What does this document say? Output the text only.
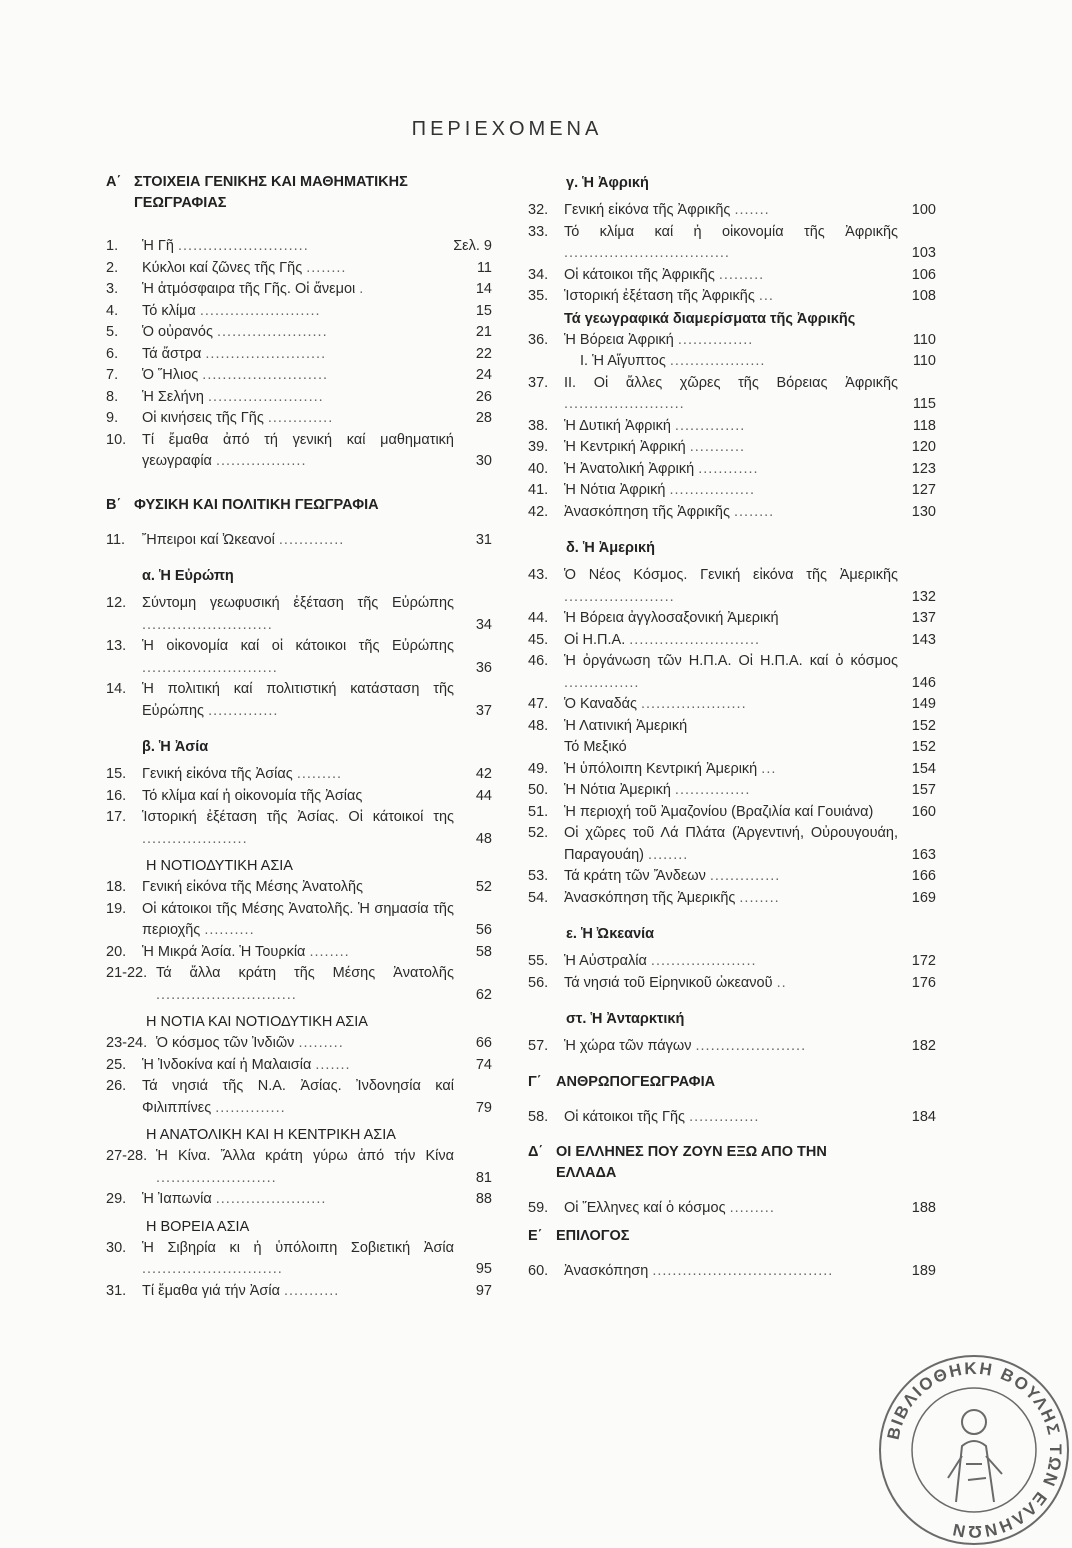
ΠΕΡΙΕΧΟΜΕΝΑ
Α΄ ΣΤΟΙΧΕΙΑ ΓΕΝΙΚΗΣ ΚΑΙ ΜΑΘΗΜΑΤΙΚΗΣ ΓΕΩΓΡΑΦΙΑΣ
1. Ἡ Γῆ ..........................	Σελ. 9
2. Κύκλοι καί ζῶνες τῆς Γῆς ........	11
3. Ἡ ἀτμόσφαιρα τῆς Γῆς. Οἱ ἄνεμοι .	14
4. Τό κλίμα ........................	15
5. Ὁ οὐρανός ......................	21
6. Τά ἄστρα ........................	22
7. Ὁ Ἥλιος .........................	24
8. Ἡ Σελήνη .......................	26
9. Οἱ κινήσεις τῆς Γῆς .............	28
10. Τί ἔμαθα ἀπό τή γενική καί μαθηματική γεωγραφία ..................	30
Β΄ ΦΥΣΙΚΗ ΚΑΙ ΠΟΛΙΤΙΚΗ ΓΕΩΓΡΑΦΙΑ
11. Ἤπειροι καί Ὠκεανοί .............	31
α. Ἡ Εὐρώπη
12. Σύντομη γεωφυσική ἐξέταση τῆς Εὐρώπης ..........................	34
13. Ἡ οἰκονομία καί οἱ κάτοικοι τῆς Εὐρώπης ...........................	36
14. Ἡ πολιτική καί πολιτιστική κατάσταση τῆς Εὐρώπης ..............	37
β. Ἡ Ἀσία
15. Γενική εἰκόνα τῆς Ἀσίας .........	42
16. Τό κλίμα καί ἡ οἰκονομία τῆς Ἀσίας	44
17. Ἱστορική ἐξέταση τῆς Ἀσίας. Οἱ κάτοικοί της .....................	48
Η ΝΟΤΙΟΔΥΤΙΚΗ ΑΣΙΑ
18. Γενική εἰκόνα τῆς Μέσης Ἀνατολῆς	52
19. Οἱ κάτοικοι τῆς Μέσης Ἀνατολῆς. Ἡ σημασία τῆς περιοχῆς ..........	56
20. Ἡ Μικρά Ἀσία. Ἡ Τουρκία ........	58
21-22. Τά ἄλλα κράτη τῆς Μέσης Ἀνατολῆς ............................	62
Η ΝΟΤΙΑ ΚΑΙ ΝΟΤΙΟΔΥΤΙΚΗ ΑΣΙΑ
23-24. Ὁ κόσμος τῶν Ἰνδιῶν .........	66
25. Ἡ Ἰνδοκίνα καί ἡ Μαλαισία .......	74
26. Τά νησιά τῆς Ν.Α. Ἀσίας. Ἰνδονησία καί Φιλιππίνες ..............	79
Η ΑΝΑΤΟΛΙΚΗ ΚΑΙ Η ΚΕΝΤΡΙΚΗ ΑΣΙΑ
27-28. Ἡ Κίνα. Ἄλλα κράτη γύρω ἀπό τήν Κίνα ........................	81
29. Ἡ Ἰαπωνία ......................	88
Η ΒΟΡΕΙΑ ΑΣΙΑ
30. Ἡ Σιβηρία κι ἡ ὑπόλοιπη Σοβιετική Ἀσία ............................	95
31. Τί ἔμαθα γιά τήν Ἀσία ...........	97
γ. Ἡ Ἀφρική
32. Γενική εἰκόνα τῆς Ἀφρικῆς .......	100
33. Τό κλίμα καί ἡ οἰκονομία τῆς Ἀφρικῆς .................................	103
34. Οἱ κάτοικοι τῆς Ἀφρικῆς .........	106
35. Ἱστορική ἐξέταση τῆς Ἀφρικῆς ...	108
Τά γεωγραφικά διαμερίσματα τῆς Ἀφρικῆς
36. Ἡ Βόρεια Ἀφρική ...............	110
I. Ἡ Αἴγυπτος ...................	110
37. II. Οἱ ἄλλες χῶρες τῆς Βόρειας Ἀφρικῆς ........................	115
38. Ἡ Δυτική Ἀφρική ..............	118
39. Ἡ Κεντρική Ἀφρική ...........	120
40. Ἡ Ἀνατολική Ἀφρική ............	123
41. Ἡ Νότια Ἀφρική .................	127
42. Ἀνασκόπηση τῆς Ἀφρικῆς ........	130
δ. Ἡ Ἀμερική
43. Ὁ Νέος Κόσμος. Γενική εἰκόνα τῆς Ἀμερικῆς ......................	132
44. Ἡ Βόρεια ἀγγλοσαξονική Ἀμερική	137
45. Οἱ Η.Π.Α. ..........................	143
46. Ἡ ὀργάνωση τῶν Η.Π.Α. Οἱ Η.Π.Α. καί ὁ κόσμος ...............	146
47. Ὁ Καναδάς .....................	149
48. Ἡ Λατινική Ἀμερική	152
Τό Μεξικό	152
49. Ἡ ὑπόλοιπη Κεντρική Ἀμερική ...	154
50. Ἡ Νότια Ἀμερική ...............	157
51. Ἡ περιοχή τοῦ Ἀμαζονίου (Βραζιλία καί Γουιάνα)	160
52. Οἱ χῶρες τοῦ Λά Πλάτα (Ἀργεντινή, Οὐρουγουάη, Παραγουάη) ........	163
53. Τά κράτη τῶν Ἄνδεων ..............	166
54. Ἀνασκόπηση τῆς Ἀμερικῆς ........	169
ε. Ἡ Ὠκεανία
55. Ἡ Αὐστραλία .....................	172
56. Τά νησιά τοῦ Εἰρηνικοῦ ὠκεανοῦ ..	176
στ. Ἡ Ἀνταρκτική
57. Ἡ χώρα τῶν πάγων ......................	182
Γ΄ ΑΝΘΡΩΠΟΓΕΩΓΡΑΦΙΑ
58. Οἱ κάτοικοι τῆς Γῆς ..............	184
Δ΄ ΟΙ ΕΛΛΗΝΕΣ ΠΟΥ ΖΟΥΝ ΕΞΩ ΑΠΟ ΤΗΝ ΕΛΛΑΔΑ
59. Οἱ Ἕλληνες καί ὁ κόσμος .........	188
Ε΄ ΕΠΙΛΟΓΟΣ
60. Ἀνασκόπηση ....................................	189
ΒΙΒΛΙΟΘΗΚΗ ΒΟΥΛΗΣ ΤΩΝ ΕΛΛΗΝΩΝ
